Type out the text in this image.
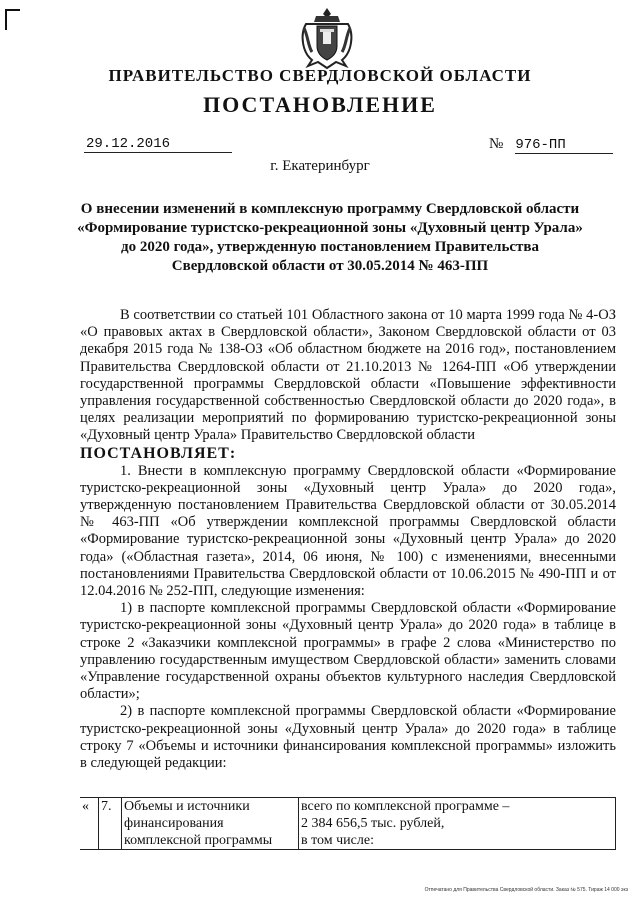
ПРАВИТЕЛЬСТВО СВЕРДЛОВСКОЙ ОБЛАСТИ
ПОСТАНОВЛЕНИЕ
29.12.2016	№ 976-ПП
г. Екатеринбург
О внесении изменений в комплексную программу Свердловской области
«Формирование туристско-рекреационной зоны «Духовный центр Урала»
до 2020 года», утвержденную постановлением Правительства
Свердловской области от 30.05.2014 № 463-ПП

В соответствии со статьей 101 Областного закона от 10 марта 1999 года № 4-ОЗ «О правовых актах в Свердловской области», Законом Свердловской области от 03 декабря 2015 года № 138-ОЗ «Об областном бюджете на 2016 год», постановлением Правительства Свердловской области от 21.10.2013 № 1264-ПП «Об утверждении государственной программы Свердловской области «Повышение эффективности управления государственной собственностью Свердловской области до 2020 года», в целях реализации мероприятий по формированию туристско-рекреационной зоны «Духовный центр Урала» Правительство Свердловской области

ПОСТАНОВЛЯЕТ:

1. Внести в комплексную программу Свердловской области «Формирование туристско-рекреационной зоны «Духовный центр Урала» до 2020 года», утвержденную постановлением Правительства Свердловской области от 30.05.2014 № 463-ПП «Об утверждении комплексной программы Свердловской области «Формирование туристско-рекреационной зоны «Духовный центр Урала» до 2020 года» («Областная газета», 2014, 06 июня, № 100) с изменениями, внесенными постановлениями Правительства Свердловской области от 10.06.2015 № 490-ПП и от 12.04.2016 № 252-ПП, следующие изменения:

1) в паспорте комплексной программы Свердловской области «Формирование туристско-рекреационной зоны «Духовный центр Урала» до 2020 года» в таблице в строке 2 «Заказчики комплексной программы» в графе 2 слова «Министерство по управлению государственным имуществом Свердловской области» заменить словами «Управление государственной охраны объектов культурного наследия Свердловской области»;

2) в паспорте комплексной программы Свердловской области «Формирование туристско-рекреационной зоны «Духовный центр Урала» до 2020 года» в таблице строку 7 «Объемы и источники финансирования комплексной программы» изложить в следующей редакции:

«	7.	Объемы и источники	всего по комплексной программе –
		финансирования	2 384 656,5 тыс. рублей,
		комплексной программы	в том числе:
Отпечатано для Правительства Свердловской области. Заказ № 575. Тираж 14 000 экз
